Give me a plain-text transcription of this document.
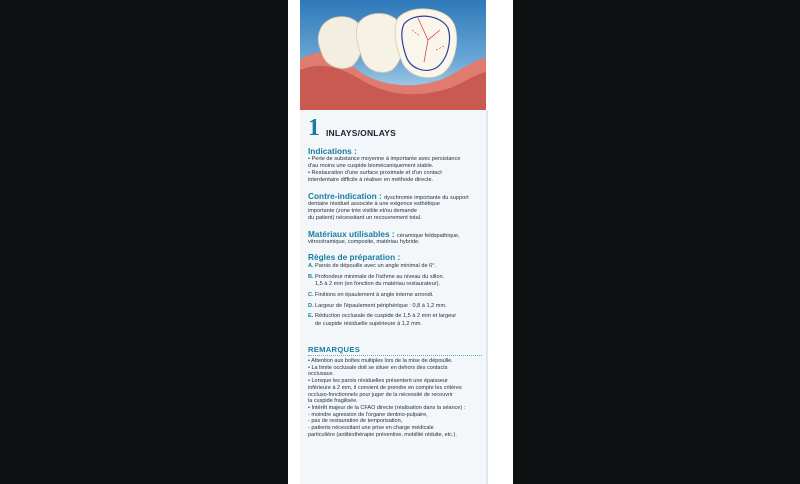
1 INLAYS/ONLAYS
Indications :
• Perte de substance moyenne à importante avec persistance
d'au moins une cuspide biomécaniquement stable.
• Restauration d'une surface proximale et d'un contact
interdentaire difficile à réaliser en méthode directe.
Contre-indication : dyschromie importante du support
dentaire résiduel associée à une exigence esthétique
importante (zone très visible et/ou demande
du patient) nécessitant un recouvrement total.
Matériaux utilisables : céramique feldspathique,
vitrocéramique, composite, matériau hybride.
Règles de préparation :
A. Parois de dépouille avec un angle minimal de 6°.
B. Profondeur minimale de l'isthme au niveau du sillon.
1,5 à 2 mm (en fonction du matériau restaurateur).
C. Finitions en épaulement à angle interne arrondi.
D. Largeur de l'épaulement périphérique : 0,8 à 1,2 mm.
E. Réduction occlusale de cuspide de 1,5 à 2 mm et largeur
de cuspide résiduelle supérieure à 1,2 mm.
REMARQUES
• Attention aux boîtes multiples lors de la mise de dépouille.
• La limite occlusale doit se situer en dehors des contacts
occlusaux.
• Lorsque les parois résiduelles présentent une épaisseur
inférieure à 2 mm, il convient de prendre en compte les critères
occluso-fonctionnels pour juger de la nécessité de recouvrir
la cuspide fragilisée.
• Intérêt majeur de la CFAO directe (réalisation dans la séance) :
- moindre agression de l'organe dentino-pulpaire,
- pas de restauration de temporisation,
- patients nécessitant une prise en charge médicale
particulière (antibiothérapie préventive, mobilité réduite, etc.).
